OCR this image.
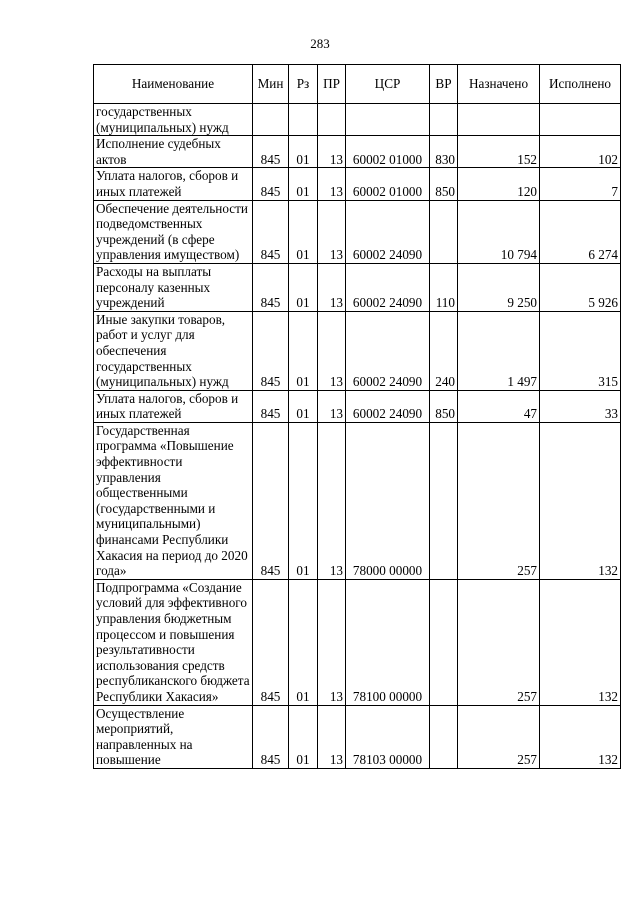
283
Наименование	Мин	Рз	ПР	ЦСР	ВР	Назначено	Исполнено
государственных (муниципальных) нужд							
Исполнение судебных актов	845	01	13	60002 01000	830	152	102
Уплата налогов, сборов и иных платежей	845	01	13	60002 01000	850	120	7
Обеспечение деятельности подведомственных учреждений (в сфере управления имуществом)	845	01	13	60002 24090		10 794	6 274
Расходы на выплаты персоналу казенных учреждений	845	01	13	60002 24090	110	9 250	5 926
Иные закупки товаров, работ и услуг для обеспечения государственных (муниципальных) нужд	845	01	13	60002 24090	240	1 497	315
Уплата налогов, сборов и иных платежей	845	01	13	60002 24090	850	47	33
Государственная программа «Повышение эффективности управления общественными (государственными и муниципальными) финансами Республики Хакасия на период до 2020 года»	845	01	13	78000 00000		257	132
Подпрограмма «Создание условий для эффективного управления бюджетным процессом и повышения результативности использования средств республиканского бюджета Республики Хакасия»	845	01	13	78100 00000		257	132
Осуществление мероприятий, направленных на повышение	845	01	13	78103 00000		257	132
